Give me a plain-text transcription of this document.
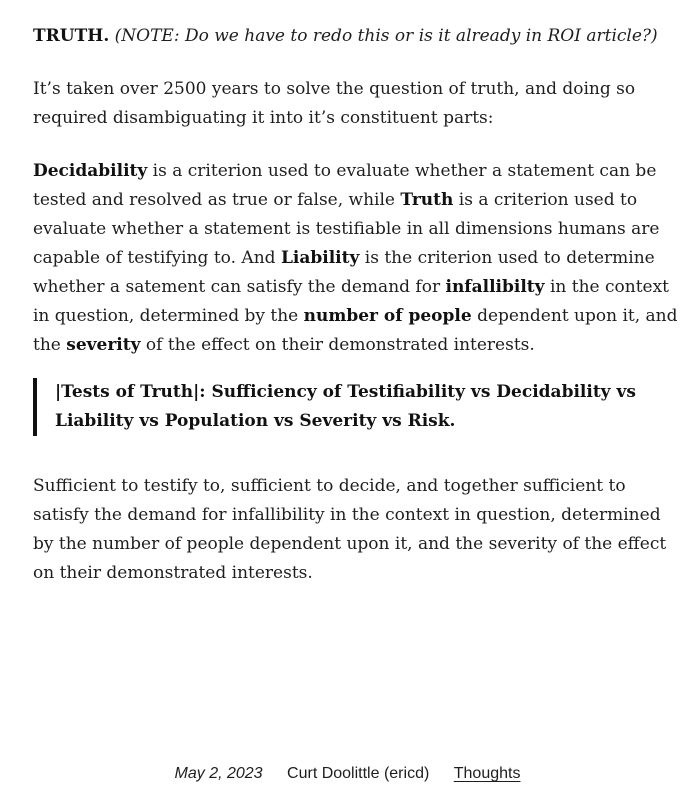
TRUTH. (NOTE: Do we have to redo this or is it already in ROI article?)

It’s taken over 2500 years to solve the question of truth, and doing so required disambiguating it into it’s constituent parts:

Decidability is a criterion used to evaluate whether a statement can be tested and resolved as true or false, while Truth is a criterion used to evaluate whether a statement is testifiable in all dimensions humans are capable of testifying to. And Liability is the criterion used to determine whether a satement can satisfy the demand for infallibilty in the context in question, determined by the number of people dependent upon it, and the severity of the effect on their demonstrated interests.

|Tests of Truth|: Sufficiency of Testifiability vs Decidability vs Liability vs Population vs Severity vs Risk.

Sufficient to testify to, sufficient to decide, and together sufficient to satisfy the demand for infallibility in the context in question, determined by the number of people dependent upon it, and the severity of the effect on their demonstrated interests.

May 2, 2023 Curt Doolittle (ericd) Thoughts
